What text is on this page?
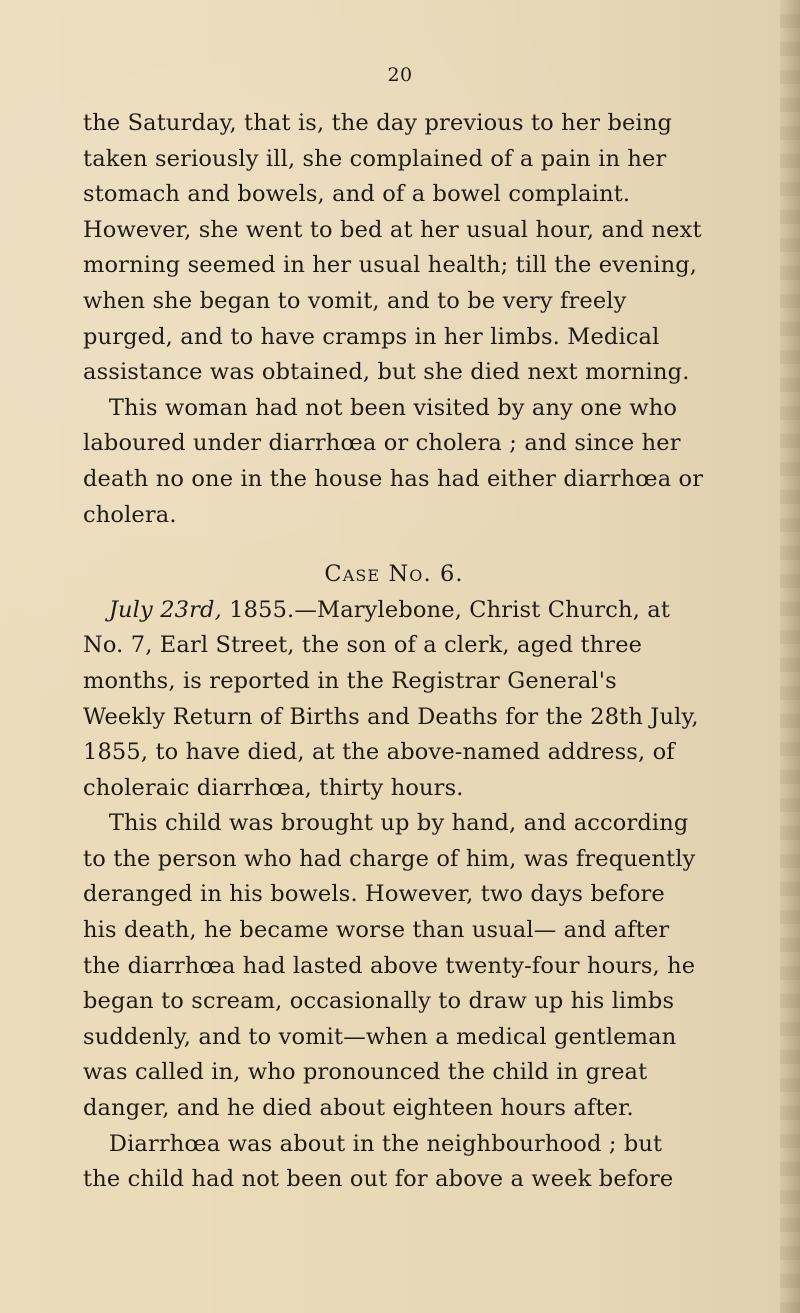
20

the Saturday, that is, the day previous to her being taken seriously ill, she complained of a pain in her stomach and bowels, and of a bowel complaint. However, she went to bed at her usual hour, and next morning seemed in her usual health; till the evening, when she began to vomit, and to be very freely purged, and to have cramps in her limbs. Medical assistance was obtained, but she died next morning.

This woman had not been visited by any one who laboured under diarrhœa or cholera ; and since her death no one in the house has had either diarrhœa or cholera.

Case No. 6.

July 23rd, 1855.—Marylebone, Christ Church, at No. 7, Earl Street, the son of a clerk, aged three months, is reported in the Registrar General's Weekly Return of Births and Deaths for the 28th July, 1855, to have died, at the above-named address, of choleraic diarrhœa, thirty hours.

This child was brought up by hand, and according to the person who had charge of him, was frequently deranged in his bowels. However, two days before his death, he became worse than usual— and after the diarrhœa had lasted above twenty-four hours, he began to scream, occasionally to draw up his limbs suddenly, and to vomit—when a medical gentleman was called in, who pronounced the child in great danger, and he died about eighteen hours after.

Diarrhœa was about in the neighbourhood ; but the child had not been out for above a week before
